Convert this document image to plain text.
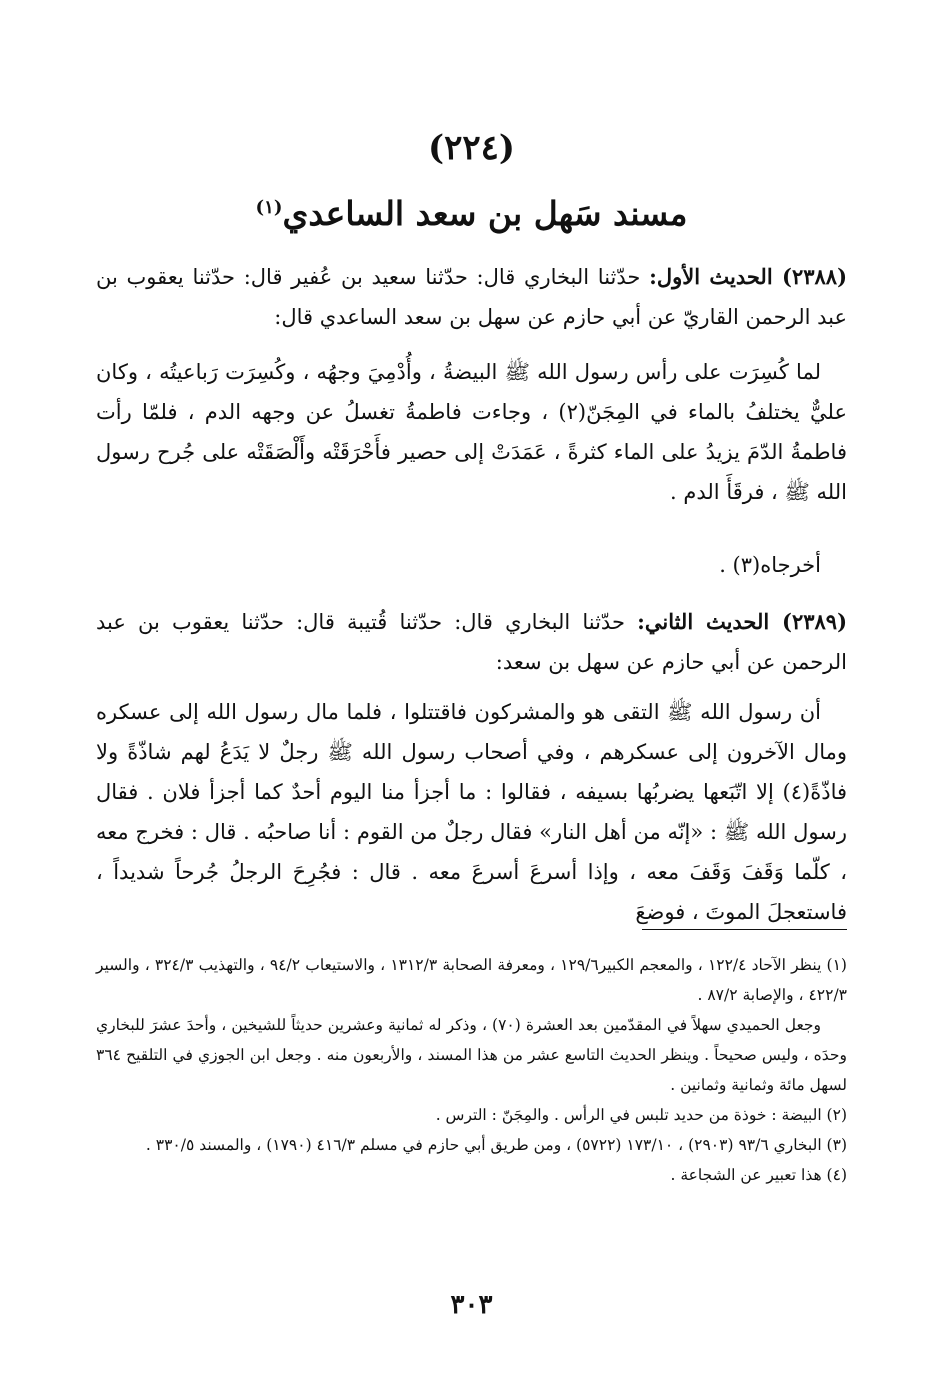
(٢٢٤)
مسند سَهل بن سعد الساعدي$^{(١)}$
(٢٣٨٨) الحديث الأول: حدّثنا البخاري قال: حدّثنا سعيد بن عُفير قال: حدّثنا يعقوب بن عبد الرحمن القاريّ عن أبي حازم عن سهل بن سعد الساعدي قال:
لما كُسِرَت على رأس رسول الله ﷺ البيضةُ ، وأُدْمِيَ وجهُه ، وكُسِرَت رَباعيتُه ، وكان عليٌّ يختلفُ بالماء في المِجَنّ(٢) ، وجاءت فاطمةُ تغسلُ عن وجهه الدم ، فلمّا رأت فاطمةُ الدّمَ يزيدُ على الماء كثرةً ، عَمَدَتْ إلى حصير فأَحْرَقَتْه وأَلْصَقَتْه على جُرح رسول الله ﷺ ، فرقَأَ الدم .
أخرجاه(٣) .
(٢٣٨٩) الحديث الثاني: حدّثنا البخاري قال: حدّثنا قُتيبة قال: حدّثنا يعقوب بن عبد الرحمن عن أبي حازم عن سهل بن سعد:
أن رسول الله ﷺ التقى هو والمشركون فاقتتلوا ، فلما مال رسول الله إلى عسكره ومال الآخرون إلى عسكرهم ، وفي أصحاب رسول الله ﷺ رجلٌ لا يَدَعُ لهم شاذّةً ولا فاذّةً(٤) إلا اتّبَعها يضربُها بسيفه ، فقالوا : ما أجزأ منا اليوم أحدٌ كما أجزأ فلان . فقال رسول الله ﷺ : «إنّه من أهل النار» فقال رجلٌ من القوم : أنا صاحبُه . قال : فخرج معه ، كلّما وَقَفَ وَقَفَ معه ، وإذا أسرعَ أسرعَ معه . قال : فجُرِحَ الرجلُ جُرحاً شديداً ، فاستعجلَ الموتَ ، فوضعَ
(١) ينظر الآحاد ١٢٢/٤ ، والمعجم الكبير١٢٩/٦ ، ومعرفة الصحابة ١٣١٢/٣ ، والاستيعاب ٩٤/٢ ، والتهذيب ٣٢٤/٣ ، والسير ٤٢٢/٣ ، والإصابة ٨٧/٢ .
وجعل الحميدي سهلاً في المقدّمين بعد العشرة (٧٠) ، وذكر له ثمانية وعشرين حديثاً للشيخين ، وأحدَ عشرَ للبخاري وحدَه ، وليس صحيحاً . وينظر الحديث التاسع عشر من هذا المسند ، والأربعون منه . وجعل ابن الجوزي في التلقيح ٣٦٤ لسهل مائة وثمانية وثمانين .
(٢) البيضة : خوذة من حديد تلبس في الرأس . والمِجَنّ : الترس .
(٣) البخاري ٩٣/٦ (٢٩٠٣) ، ١٧٣/١٠ (٥٧٢٢) ، ومن طريق أبي حازم في مسلم ٤١٦/٣ (١٧٩٠) ، والمسند ٣٣٠/٥ .
(٤) هذا تعبير عن الشجاعة .
٣٠٣
